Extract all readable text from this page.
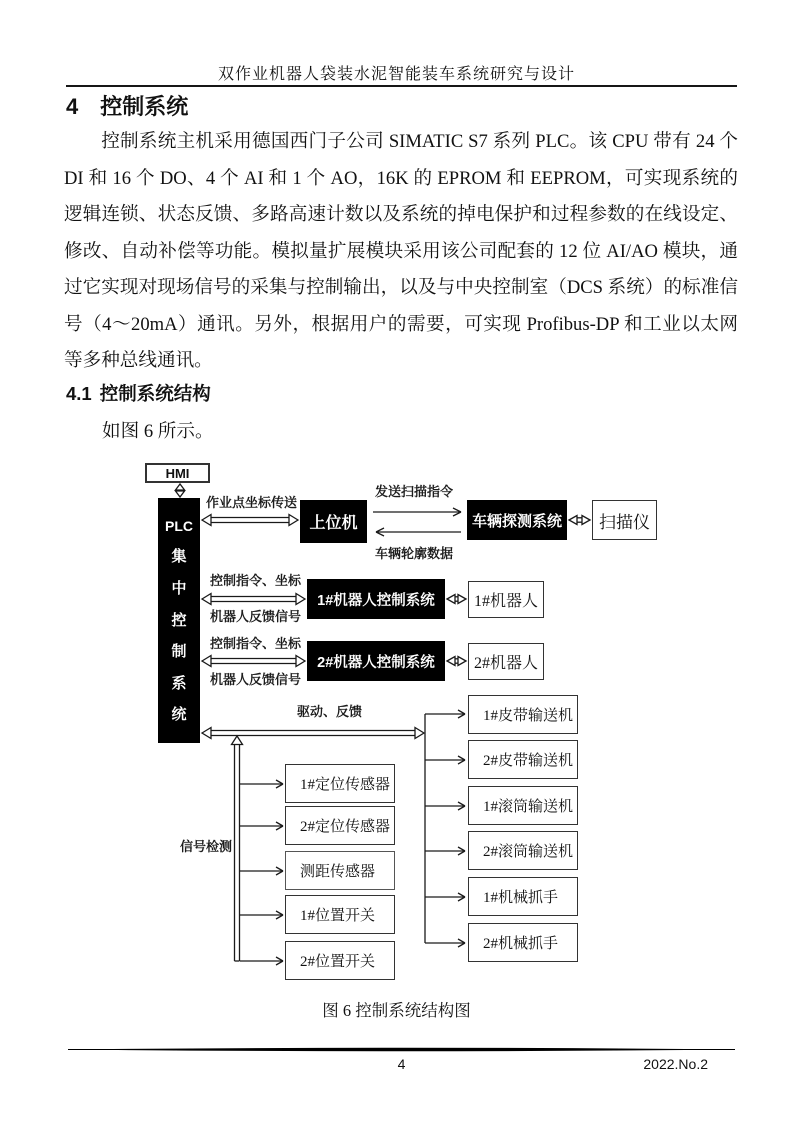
双作业机器人袋装水泥智能装车系统研究与设计
4 控制系统

控制系统主机采用德国西门子公司 SIMATIC S7 系列 PLC。该 CPU 带有 24 个 DI 和 16 个 DO、4 个 AI 和 1 个 AO，16K 的 EPROM 和 EEPROM，可实现系统的逻辑连锁、状态反馈、多路高速计数以及系统的掉电保护和过程参数的在线设定、修改、自动补偿等功能。模拟量扩展模块采用该公司配套的 12 位 AI/AO 模块，通过它实现对现场信号的采集与控制输出，以及与中央控制室（DCS 系统）的标准信号（4～20mA）通讯。另外，根据用户的需要，可实现 Profibus-DP 和工业以太网等多种总线通讯。

4.1 控制系统结构

如图 6 所示。

HMI
PLC
集
中
控
制
系
统
上位机	车辆探测系统	扫描仪
1#机器人控制系统	1#机器人
2#机器人控制系统	2#机器人
1#皮带输送机
2#皮带输送机
1#滚筒输送机
2#滚筒输送机
1#机械抓手
2#机械抓手
1#定位传感器
2#定位传感器
测距传感器
1#位置开关
2#位置开关
作业点坐标传送
发送扫描指令
车辆轮廓数据
控制指令、坐标
机器人反馈信号
控制指令、坐标
机器人反馈信号
驱动、反馈
信号检测
图 6 控制系统结构图
4	2022.No.2
